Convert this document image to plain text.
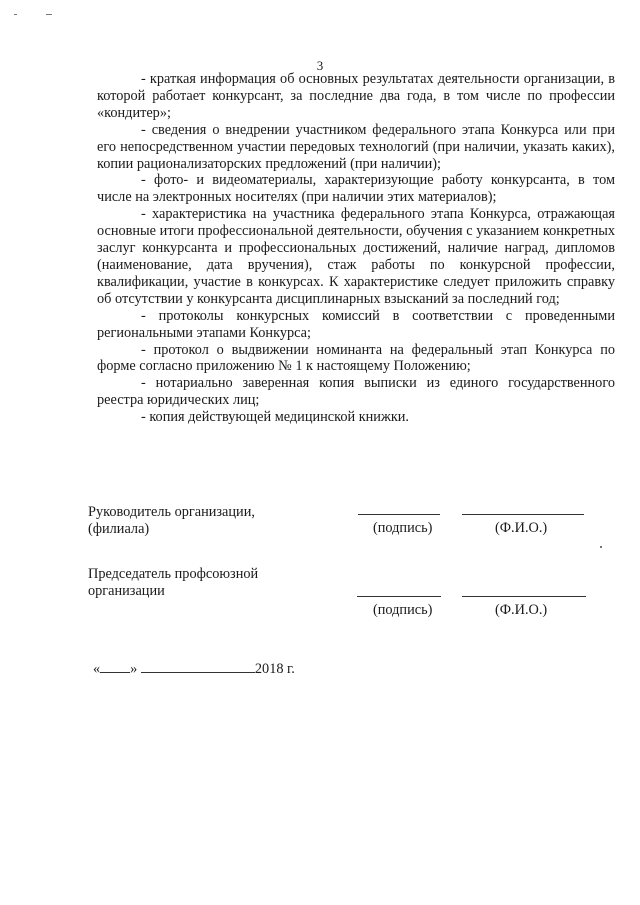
3

- краткая информация об основных результатах деятельности организации, в которой работает конкурсант, за последние два года, в том числе по профессии «кондитер»;

- сведения о внедрении участником федерального этапа Конкурса или при его непосредственном участии передовых технологий (при наличии, указать каких), копии рационализаторских предложений (при наличии);

- фото- и видеоматериалы, характеризующие работу конкурсанта, в том числе на электронных носителях (при наличии этих материалов);

- характеристика на участника федерального этапа Конкурса, отражающая основные итоги профессиональной деятельности, обучения с указанием конкретных заслуг конкурсанта и профессиональных достижений, наличие наград, дипломов (наименование, дата вручения), стаж работы по конкурсной профессии, квалификации, участие в конкурсах. К характеристике следует приложить справку об отсутствии у конкурсанта дисциплинарных взысканий за последний год;

- протоколы конкурсных комиссий в соответствии с проведенными региональными этапами Конкурса;

- протокол о выдвижении номинанта на федеральный этап Конкурса по форме согласно приложению № 1 к настоящему Положению;

- нотариально заверенная копия выписки из единого государственного реестра юридических лиц;

- копия действующей медицинской книжки.

Руководитель организации,
(филиала)	(подпись)	(Ф.И.О.)
Председатель профсоюзной
организации
(подпись)	(Ф.И.О.)
« »	2018 г.
